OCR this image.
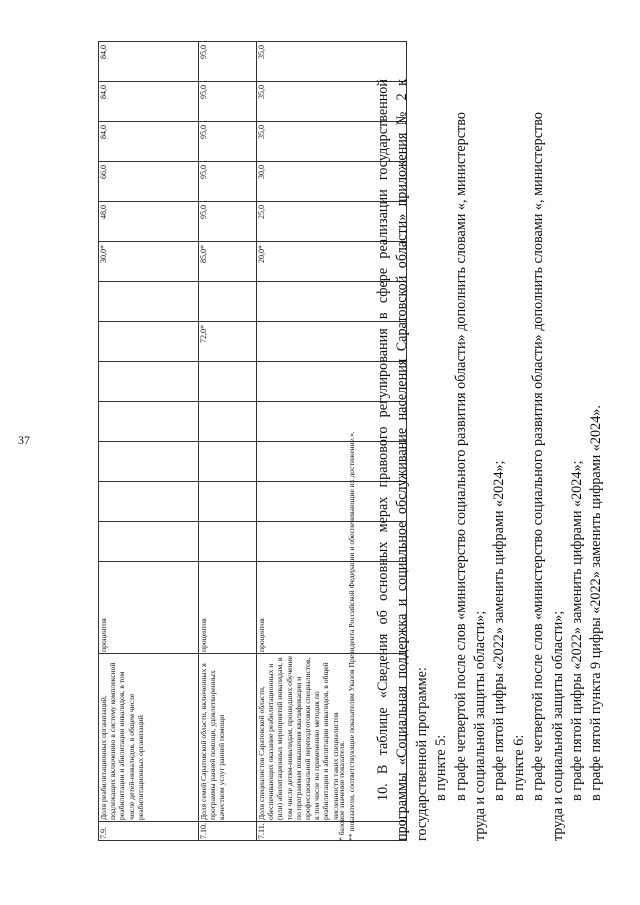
37
7.9.	Доля реабилитационных организаций, подлежащих включению в систему комплексной реабилитации и абилитации инвалидов, в том числе детей-инвалидов, в общем числе реабилитационных организаций	процентов								30,0*	48,0	66,0	84,0	84,0	84,0
7.10.	Доля семей Саратовской области, включенных в программы ранней помощи, удовлетворенных качеством услуг ранней помощи	процентов						72,0*		85,0*	95,0	95,0	95,0	95,0	95,0
7.11.	Доля специалистов Саратовской области, обеспечивающих оказание реабилитационных и (или) абилитационных мероприятий инвалидам, в том числе детям-инвалидам, прошедших обучение по программам повышения квалификации и профессиональной переподготовки специалистов, в том числе по применению методик по реабилитации и абилитации инвалидов, в общей численности таких специалистов	процентов								20,0*	25,0	30,0	35,0	35,0	35,0
* базовое значение показателя. ** показатели, соответствующие показателям Указов Президента Российской Федерации и обеспечивающие их достижение.». 10. В таблице «Сведения об основных мерах правового регулирования в сфере реализации государственной программы «Социальная поддержка и социальное обслуживание населения Саратовской области» приложения № 2 к государственной программе: в пункте 5: в графе четвертой после слов «министерство социального развития области» дополнить словами «, министерство труда и социальной защиты области»; в графе пятой цифры «2022» заменить цифрами «2024»; в пункте 6: в графе четвертой после слов «министерство социального развития области» дополнить словами «, министерство труда и социальной защиты области»; в графе пятой цифры «2022» заменить цифрами «2024»; в графе пятой пункта 9 цифры «2022» заменить цифрами «2024».
